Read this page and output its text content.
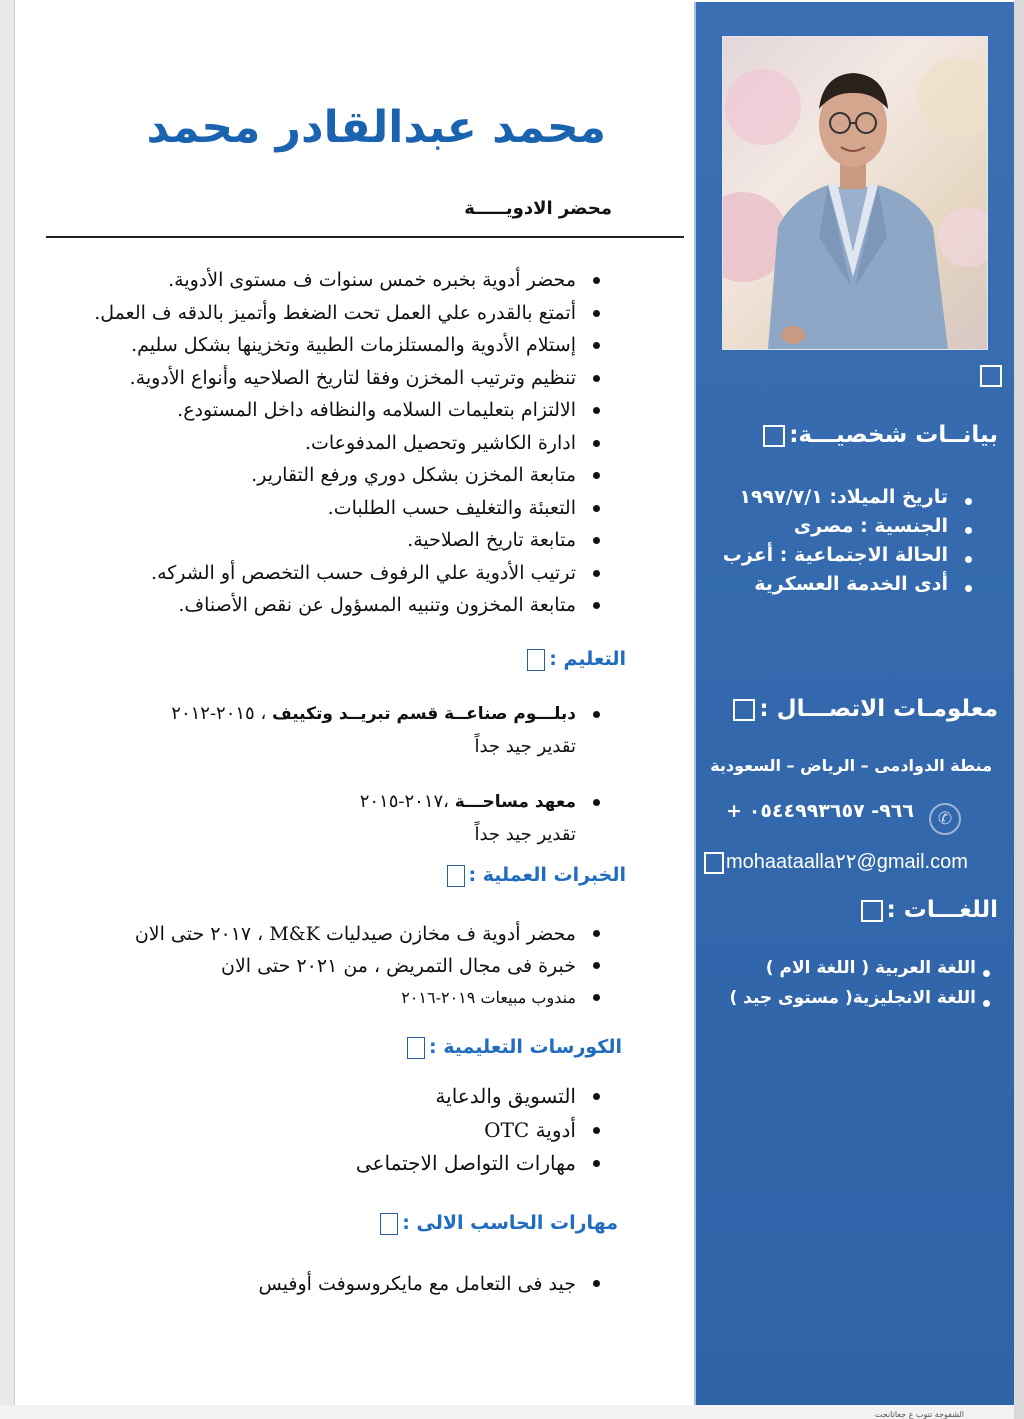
بيانــات شخصيـــة:
تاريخ الميلاد: ١٩٩٧/٧/١
الجنسية : مصرى
الحالة الاجتماعية : أعزب
أدى الخدمة العسكرية
معلومـات الاتصـــال :
منطة الدوادمى – الرياض – السعودية
+ ٩٦٦- ٠٥٤٤٩٩٣٦٥٧	✆
mohaataalla٢٢@gmail.com
اللغـــات :
اللغة العربية ( اللغة الام )
اللغة الانجليزية( مستوى جيد )
محمد عبدالقادر محمد
محضر الادويـــــة
محضر أدوية بخبره خمس سنوات ف مستوى الأدوية.
أتمتع بالقدره علي العمل تحت الضغط وأتميز بالدقه ف العمل.
إستلام الأدوية والمستلزمات الطبية وتخزينها بشكل سليم.
تنظيم وترتيب المخزن وفقا لتاريخ الصلاحيه وأنواع الأدوية.
الالتزام بتعليمات السلامه والنظافه داخل المستودع.
ادارة الكاشير وتحصيل المدفوعات.
متابعة المخزن بشكل دوري ورفع التقارير.
التعبئة والتغليف حسب الطلبات.
متابعة تاريخ الصلاحية.
ترتيب الأدوية علي الرفوف حسب التخصص أو الشركه.
متابعة المخزون وتنبيه المسؤول عن نقص الأصناف.
التعليم :
دبلـــوم صناعــة قسم تبريــد وتكييف ، ٢٠١٥-٢٠١٢
تقدير جيد جداً
معهد مساحـــة ،٢٠١٧-٢٠١٥
تقدير جيد جداً
الخبرات العملية :
محضر أدوية ف مخازن صيدليات M&K ، ٢٠١٧ حتى الان
خبرة فى مجال التمريض ، من ٢٠٢١ حتى الان
مندوب مبيعات ٢٠١٩-٢٠١٦
الكورسات التعليمية :
التسويق والدعاية
أدوية OTC
مهارات التواصل الاجتماعى
مهارات الحاسب الالى :
جيد فى التعامل مع مايكروسوفت أوفيس
الشفوجة تنوب ع جعاتانحت
